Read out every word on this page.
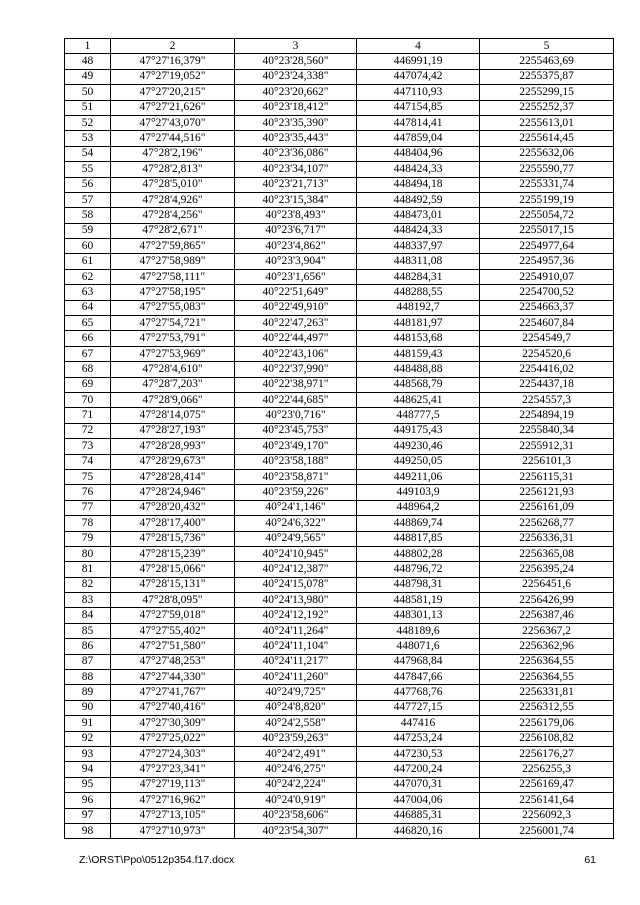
1	2	3	4	5
48	47°27'16,379"	40°23'28,560"	446991,19	2255463,69
49	47°27'19,052"	40°23'24,338"	447074,42	2255375,87
50	47°27'20,215"	40°23'20,662"	447110,93	2255299,15
51	47°27'21,626"	40°23'18,412"	447154,85	2255252,37
52	47°27'43,070"	40°23'35,390"	447814,41	2255613,01
53	47°27'44,516"	40°23'35,443"	447859,04	2255614,45
54	47°28'2,196"	40°23'36,086"	448404,96	2255632,06
55	47°28'2,813"	40°23'34,107"	448424,33	2255590,77
56	47°28'5,010"	40°23'21,713"	448494,18	2255331,74
57	47°28'4,926"	40°23'15,384"	448492,59	2255199,19
58	47°28'4,256"	40°23'8,493"	448473,01	2255054,72
59	47°28'2,671"	40°23'6,717"	448424,33	2255017,15
60	47°27'59,865"	40°23'4,862"	448337,97	2254977,64
61	47°27'58,989"	40°23'3,904"	448311,08	2254957,36
62	47°27'58,111"	40°23'1,656"	448284,31	2254910,07
63	47°27'58,195"	40°22'51,649"	448288,55	2254700,52
64	47°27'55,083"	40°22'49,910"	448192,7	2254663,37
65	47°27'54,721"	40°22'47,263"	448181,97	2254607,84
66	47°27'53,791"	40°22'44,497"	448153,68	2254549,7
67	47°27'53,969"	40°22'43,106"	448159,43	2254520,6
68	47°28'4,610"	40°22'37,990"	448488,88	2254416,02
69	47°28'7,203"	40°22'38,971"	448568,79	2254437,18
70	47°28'9,066"	40°22'44,685"	448625,41	2254557,3
71	47°28'14,075"	40°23'0,716"	448777,5	2254894,19
72	47°28'27,193"	40°23'45,753"	449175,43	2255840,34
73	47°28'28,993"	40°23'49,170"	449230,46	2255912,31
74	47°28'29,673"	40°23'58,188"	449250,05	2256101,3
75	47°28'28,414"	40°23'58,871"	449211,06	2256115,31
76	47°28'24,946"	40°23'59,226"	449103,9	2256121,93
77	47°28'20,432"	40°24'1,146"	448964,2	2256161,09
78	47°28'17,400"	40°24'6,322"	448869,74	2256268,77
79	47°28'15,736"	40°24'9,565"	448817,85	2256336,31
80	47°28'15,239"	40°24'10,945"	448802,28	2256365,08
81	47°28'15,066"	40°24'12,387"	448796,72	2256395,24
82	47°28'15,131"	40°24'15,078"	448798,31	2256451,6
83	47°28'8,095"	40°24'13,980"	448581,19	2256426,99
84	47°27'59,018"	40°24'12,192"	448301,13	2256387,46
85	47°27'55,402"	40°24'11,264"	448189,6	2256367,2
86	47°27'51,580"	40°24'11,104"	448071,6	2256362,96
87	47°27'48,253"	40°24'11,217"	447968,84	2256364,55
88	47°27'44,330"	40°24'11,260"	447847,66	2256364,55
89	47°27'41,767"	40°24'9,725"	447768,76	2256331,81
90	47°27'40,416"	40°24'8,820"	447727,15	2256312,55
91	47°27'30,309"	40°24'2,558"	447416	2256179,06
92	47°27'25,022"	40°23'59,263"	447253,24	2256108,82
93	47°27'24,303"	40°24'2,491"	447230,53	2256176,27
94	47°27'23,341"	40°24'6,275"	447200,24	2256255,3
95	47°27'19,113"	40°24'2,224"	447070,31	2256169,47
96	47°27'16,962"	40°24'0,919"	447004,06	2256141,64
97	47°27'13,105"	40°23'58,606"	446885,31	2256092,3
98	47°27'10,973"	40°23'54,307"	446820,16	2256001,74
Z:\ORST\Ppo\0512p354.f17.docx	61
